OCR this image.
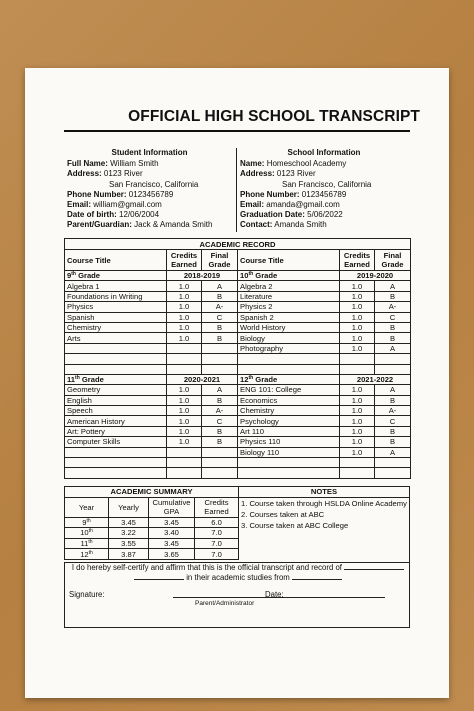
OFFICIAL HIGH SCHOOL TRANSCRIPT
Student Information
Full Name: William Smith
Address: 0123 River
San Francisco, California
Phone Number: 0123456789
Email: william@gmail.com
Date of birth: 12/06/2004
Parent/Guardian: Jack & Amanda Smith
School Information
Name: Homeschool Academy
Address: 0123 River
San Francisco, California
Phone Number: 0123456789
Email: amanda@gmail.com
Graduation Date: 5/06/2022
Contact: Amanda Smith
ACADEMIC RECORD					
Course Title	Credits Earned	Final Grade	Course Title	Credits Earned	Final Grade
9th Grade	2018-2019		10th Grade	2019-2020	
Algebra 1	1.0	A	Algebra 2	1.0	A
Foundations in Writing	1.0	B	Literature	1.0	B
Physics	1.0	A-	Physics 2	1.0	A-
Spanish	1.0	C	Spanish 2	1.0	C
Chemistry	1.0	B	World History	1.0	B
Arts	1.0	B	Biology	1.0	B
			Photography	1.0	A

11th Grade	2020-2021		12th Grade	2021-2022	
Geometry	1.0	A	ENG 101: College	1.0	A
English	1.0	B	Economics	1.0	B
Speech	1.0	A-	Chemistry	1.0	A-
American History	1.0	C	Psychology	1.0	C
Art: Pottery	1.0	B	Art 110	1.0	B
Computer Skills	1.0	B	Physics 110	1.0	B
			Biology 110	1.0	A

ACADEMIC SUMMARY			
Year	Yearly	Cumulative GPA	Credits Earned
9th	3.45	3.45	6.0
10th	3.22	3.40	7.0
11th	3.55	3.45	7.0
12th	3.87	3.65	7.0
NOTES
1. Course taken through HSLDA Online Academy
2. Courses taken at ABC
3. Course taken at ABC College
I do hereby self-certify and affirm that this is the official transcript and record of
in their academic studies from
Signature:
Parent/Administrator
Date:
